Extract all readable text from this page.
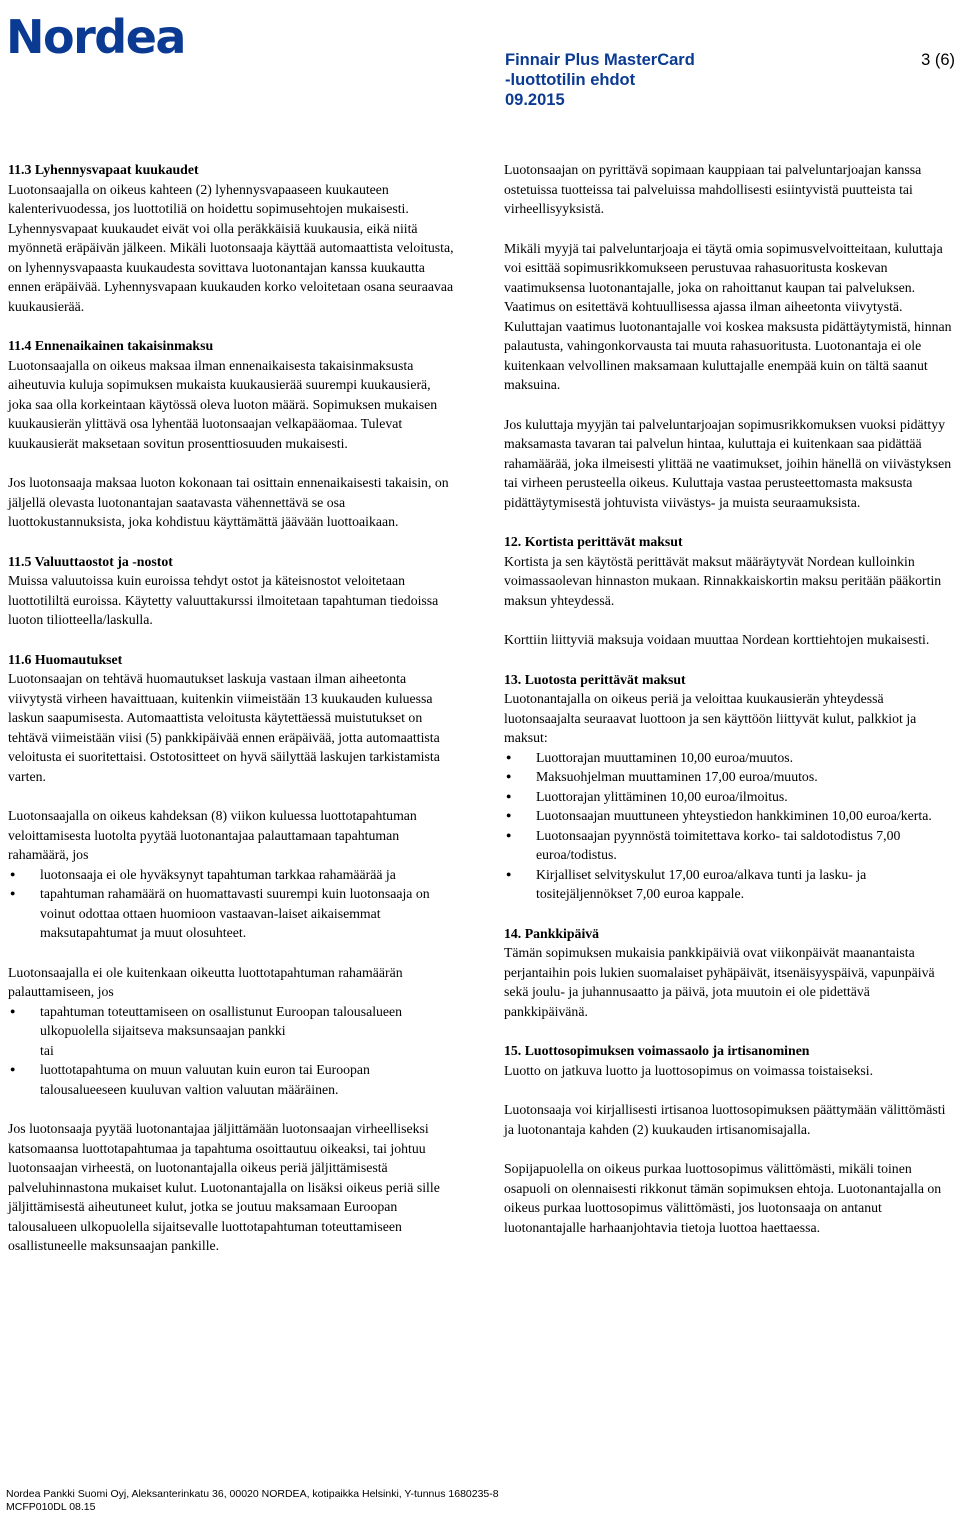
Nordea	Finnair Plus MasterCard	3 (6)
-luottotilin ehdot
09.2015
11.3 Lyhennysvapaat kuukaudet

Luotonsaajalla on oikeus kahteen (2) lyhennysvapaaseen kuukauteen kalenterivuodessa, jos luottotiliä on hoidettu sopimusehtojen mukaisesti. Lyhennysvapaat kuukaudet eivät voi olla peräkkäisiä kuukausia, eikä niitä myönnetä eräpäivän jälkeen. Mikäli luotonsaaja käyttää automaattista veloitusta, on lyhennysvapaasta kuukaudesta sovittava luotonantajan kanssa kuukautta ennen eräpäivää. Lyhennysvapaan kuukauden korko veloitetaan osana seuraavaa kuukausierää.

11.4 Ennenaikainen takaisinmaksu

Luotonsaajalla on oikeus maksaa ilman ennenaikaisesta takaisinmaksusta aiheutuvia kuluja sopimuksen mukaista kuukausierää suurempi kuukausierä, joka saa olla korkeintaan käytössä oleva luoton määrä. Sopimuksen mukaisen kuukausierän ylittävä osa lyhentää luotonsaajan velkapääomaa. Tulevat kuukausierät maksetaan sovitun prosenttiosuuden mukaisesti.

Jos luotonsaaja maksaa luoton kokonaan tai osittain ennenaikaisesti takaisin, on jäljellä olevasta luotonantajan saatavasta vähennettävä se osa luottokustannuksista, joka kohdistuu käyttämättä jäävään luottoaikaan.

11.5 Valuuttaostot ja -nostot

Muissa valuutoissa kuin euroissa tehdyt ostot ja käteisnostot veloitetaan luottotililtä euroissa. Käytetty valuuttakurssi ilmoitetaan tapahtuman tiedoissa luoton tiliotteella/laskulla.

11.6 Huomautukset

Luotonsaajan on tehtävä huomautukset laskuja vastaan ilman aiheetonta viivytystä virheen havaittuaan, kuitenkin viimeistään 13 kuukauden kuluessa laskun saapumisesta. Automaattista veloitusta käytettäessä muistutukset on tehtävä viimeistään viisi (5) pankkipäivää ennen eräpäivää, jotta automaattista veloitusta ei suoritettaisi. Ostotositteet on hyvä säilyttää laskujen tarkistamista varten.

Luotonsaajalla on oikeus kahdeksan (8) viikon kuluessa luottotapahtuman veloittamisesta luotolta pyytää luotonantajaa palauttamaan tapahtuman rahamäärä, jos

● luotonsaaja ei ole hyväksynyt tapahtuman tarkkaa rahamäärää ja
● tapahtuman rahamäärä on huomattavasti suurempi kuin luotonsaaja on voinut odottaa ottaen huomioon vastaavan-laiset aikaisemmat maksutapahtumat ja muut olosuhteet.

Luotonsaajalla ei ole kuitenkaan oikeutta luottotapahtuman rahamäärän palauttamiseen, jos

● tapahtuman toteuttamiseen on osallistunut Euroopan talousalueen ulkopuolella sijaitseva maksunsaajan pankki
tai
● luottotapahtuma on muun valuutan kuin euron tai Euroopan talousalueeseen kuuluvan valtion valuutan määräinen.

Jos luotonsaaja pyytää luotonantajaa jäljittämään luotonsaajan virheelliseksi katsomaansa luottotapahtumaa ja tapahtuma osoittautuu oikeaksi, tai johtuu luotonsaajan virheestä, on luotonantajalla oikeus periä jäljittämisestä palveluhinnastona mukaiset kulut. Luotonantajalla on lisäksi oikeus periä sille jäljittämisestä aiheutuneet kulut, jotka se joutuu maksamaan Euroopan talousalueen ulkopuolella sijaitsevalle luottotapahtuman toteuttamiseen osallistuneelle maksunsaajan pankille.

Luotonsaajan on pyrittävä sopimaan kauppiaan tai palveluntarjoajan kanssa ostetuissa tuotteissa tai palveluissa mahdollisesti esiintyvistä puutteista tai virheellisyyksistä.

Mikäli myyjä tai palveluntarjoaja ei täytä omia sopimusvelvoitteitaan, kuluttaja voi esittää sopimusrikkomukseen perustuvaa rahasuoritusta koskevan vaatimuksensa luotonantajalle, joka on rahoittanut kaupan tai palveluksen. Vaatimus on esitettävä kohtuullisessa ajassa ilman aiheetonta viivytystä. Kuluttajan vaatimus luotonantajalle voi koskea maksusta pidättäytymistä, hinnan palautusta, vahingonkorvausta tai muuta rahasuoritusta. Luotonantaja ei ole kuitenkaan velvollinen maksamaan kuluttajalle enempää kuin on tältä saanut maksuina.

Jos kuluttaja myyjän tai palveluntarjoajan sopimusrikkomuksen vuoksi pidättyy maksamasta tavaran tai palvelun hintaa, kuluttaja ei kuitenkaan saa pidättää rahamäärää, joka ilmeisesti ylittää ne vaatimukset, joihin hänellä on viivästyksen tai virheen perusteella oikeus. Kuluttaja vastaa perusteettomasta maksusta pidättäytymisestä johtuvista viivästys- ja muista seuraamuksista.

12. Kortista perittävät maksut

Kortista ja sen käytöstä perittävät maksut määräytyvät Nordean kulloinkin voimassaolevan hinnaston mukaan. Rinnakkaiskortin maksu peritään pääkortin maksun yhteydessä.

Korttiin liittyviä maksuja voidaan muuttaa Nordean korttiehtojen mukaisesti.

13. Luotosta perittävät maksut

Luotonantajalla on oikeus periä ja veloittaa kuukausierän yhteydessä luotonsaajalta seuraavat luottoon ja sen käyttöön liittyvät kulut, palkkiot ja maksut:

● Luottorajan muuttaminen 10,00 euroa/muutos.
● Maksuohjelman muuttaminen 17,00 euroa/muutos.
● Luottorajan ylittäminen 10,00 euroa/ilmoitus.
● Luotonsaajan muuttuneen yhteystiedon hankkiminen 10,00 euroa/kerta.
● Luotonsaajan pyynnöstä toimitettava korko- tai saldotodistus 7,00 euroa/todistus.
● Kirjalliset selvityskulut 17,00 euroa/alkava tunti ja lasku- ja tositejäljennökset 7,00 euroa kappale.
14. Pankkipäivä

Tämän sopimuksen mukaisia pankkipäiviä ovat viikonpäivät maanantaista perjantaihin pois lukien suomalaiset pyhäpäivät, itsenäisyyspäivä, vapunpäivä sekä joulu- ja juhannusaatto ja päivä, jota muutoin ei ole pidettävä pankkipäivänä.

15. Luottosopimuksen voimassaolo ja irtisanominen

Luotto on jatkuva luotto ja luottosopimus on voimassa toistaiseksi.

Luotonsaaja voi kirjallisesti irtisanoa luottosopimuksen päättymään välittömästi ja luotonantaja kahden (2) kuukauden irtisanomisajalla.

Sopijapuolella on oikeus purkaa luottosopimus välittömästi, mikäli toinen osapuoli on olennaisesti rikkonut tämän sopimuksen ehtoja. Luotonantajalla on oikeus purkaa luottosopimus välittömästi, jos luotonsaaja on antanut luotonantajalle harhaanjohtavia tietoja luottoa haettaessa.

Nordea Pankki Suomi Oyj, Aleksanterinkatu 36, 00020 NORDEA, kotipaikka Helsinki, Y-tunnus 1680235-8
MCFP010DL 08.15
